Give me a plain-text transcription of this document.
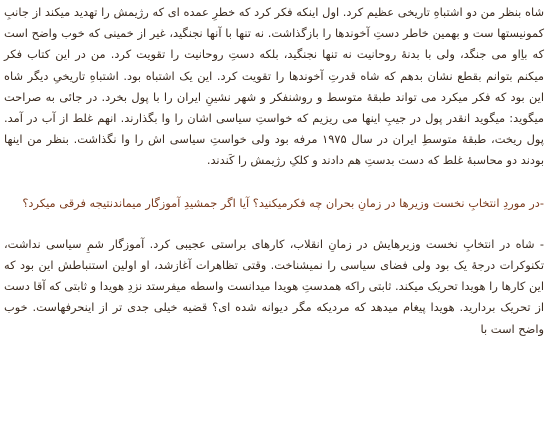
شاه بنظر من دو اشتباهِ تاریخی عظیم کرد. اول اینکه فکر کرد که خطرِ عمده ای که رژیمش را تهدید میکند از جانبِ کمونیستها ست و بهمین خاطر دستِ آخوندها را بازگذاشت. نه تنها با آنها نجنگید، غیر از خمینی که خوب واضح است که باِاو می جنگد، ولی با بدنهٔ روحانیت نه تنها نجنگید، بلکه دستِ روحانیت را تقویت کرد. من در این کتاب فکر میکنم بتوانم بقطع نشان بدهم که شاه قدرتِ آخوندها را تقویت کرد. این یک اشتباه بود. اشتباهِ تاریخیِ دیگر شاه این بود که فکر میکرد می تواند طبقهٔ متوسط و روشنفکر و شهر نشینِ ایران را با پول بخرد. در جائی به صراحت میگوید: میگوید انقدر پول در جیبِ اینها می ریزیم که خواستِ سیاسی اشان را وا بگذارند. انهم غلط از آب در آمد. پول ریخت، طبقهٔ متوسطِ ایران در سال ۱۹۷۵ مرفه بود ولی خواستِ سیاسی اش را وا نگذاشت. بنظر من اینها بودند دو محاسبهٔ غلط که دست بدستِ هم دادند و کلکِ رژیمش را کَندند.

-در موردِ انتخابِ نخست وزیرها در زمانِ بحران چه فکرمیکنید؟ آیا اگر جمشیدِ آموزگار میماندنتیجه فرقی میکرد؟

- شاه در انتخابِ نخست وزیرهایش در زمانِ انقلاب، کارهای براستی عجیبی کرد. آموزگار شمِ سیاسی نداشت، تکنوکرات درجهٔ یک بود ولی فضای سیاسی را نمیشناخت. وقتی تظاهرات آغازشد، او اولین استنباطش این بود که این کارها را هویدا تحریک میکند. ثابتی راکه همدستِ هویدا میدانست واسطه میفرستد نزدِ هویدا و ثابتی که آقا دست از تحریک بردارید. هویدا پیغام میدهد که مردیکه مگر دیوانه شده ای؟ قضیه خیلی جدی تر از اینحرفهاست. خوب واضح است با
